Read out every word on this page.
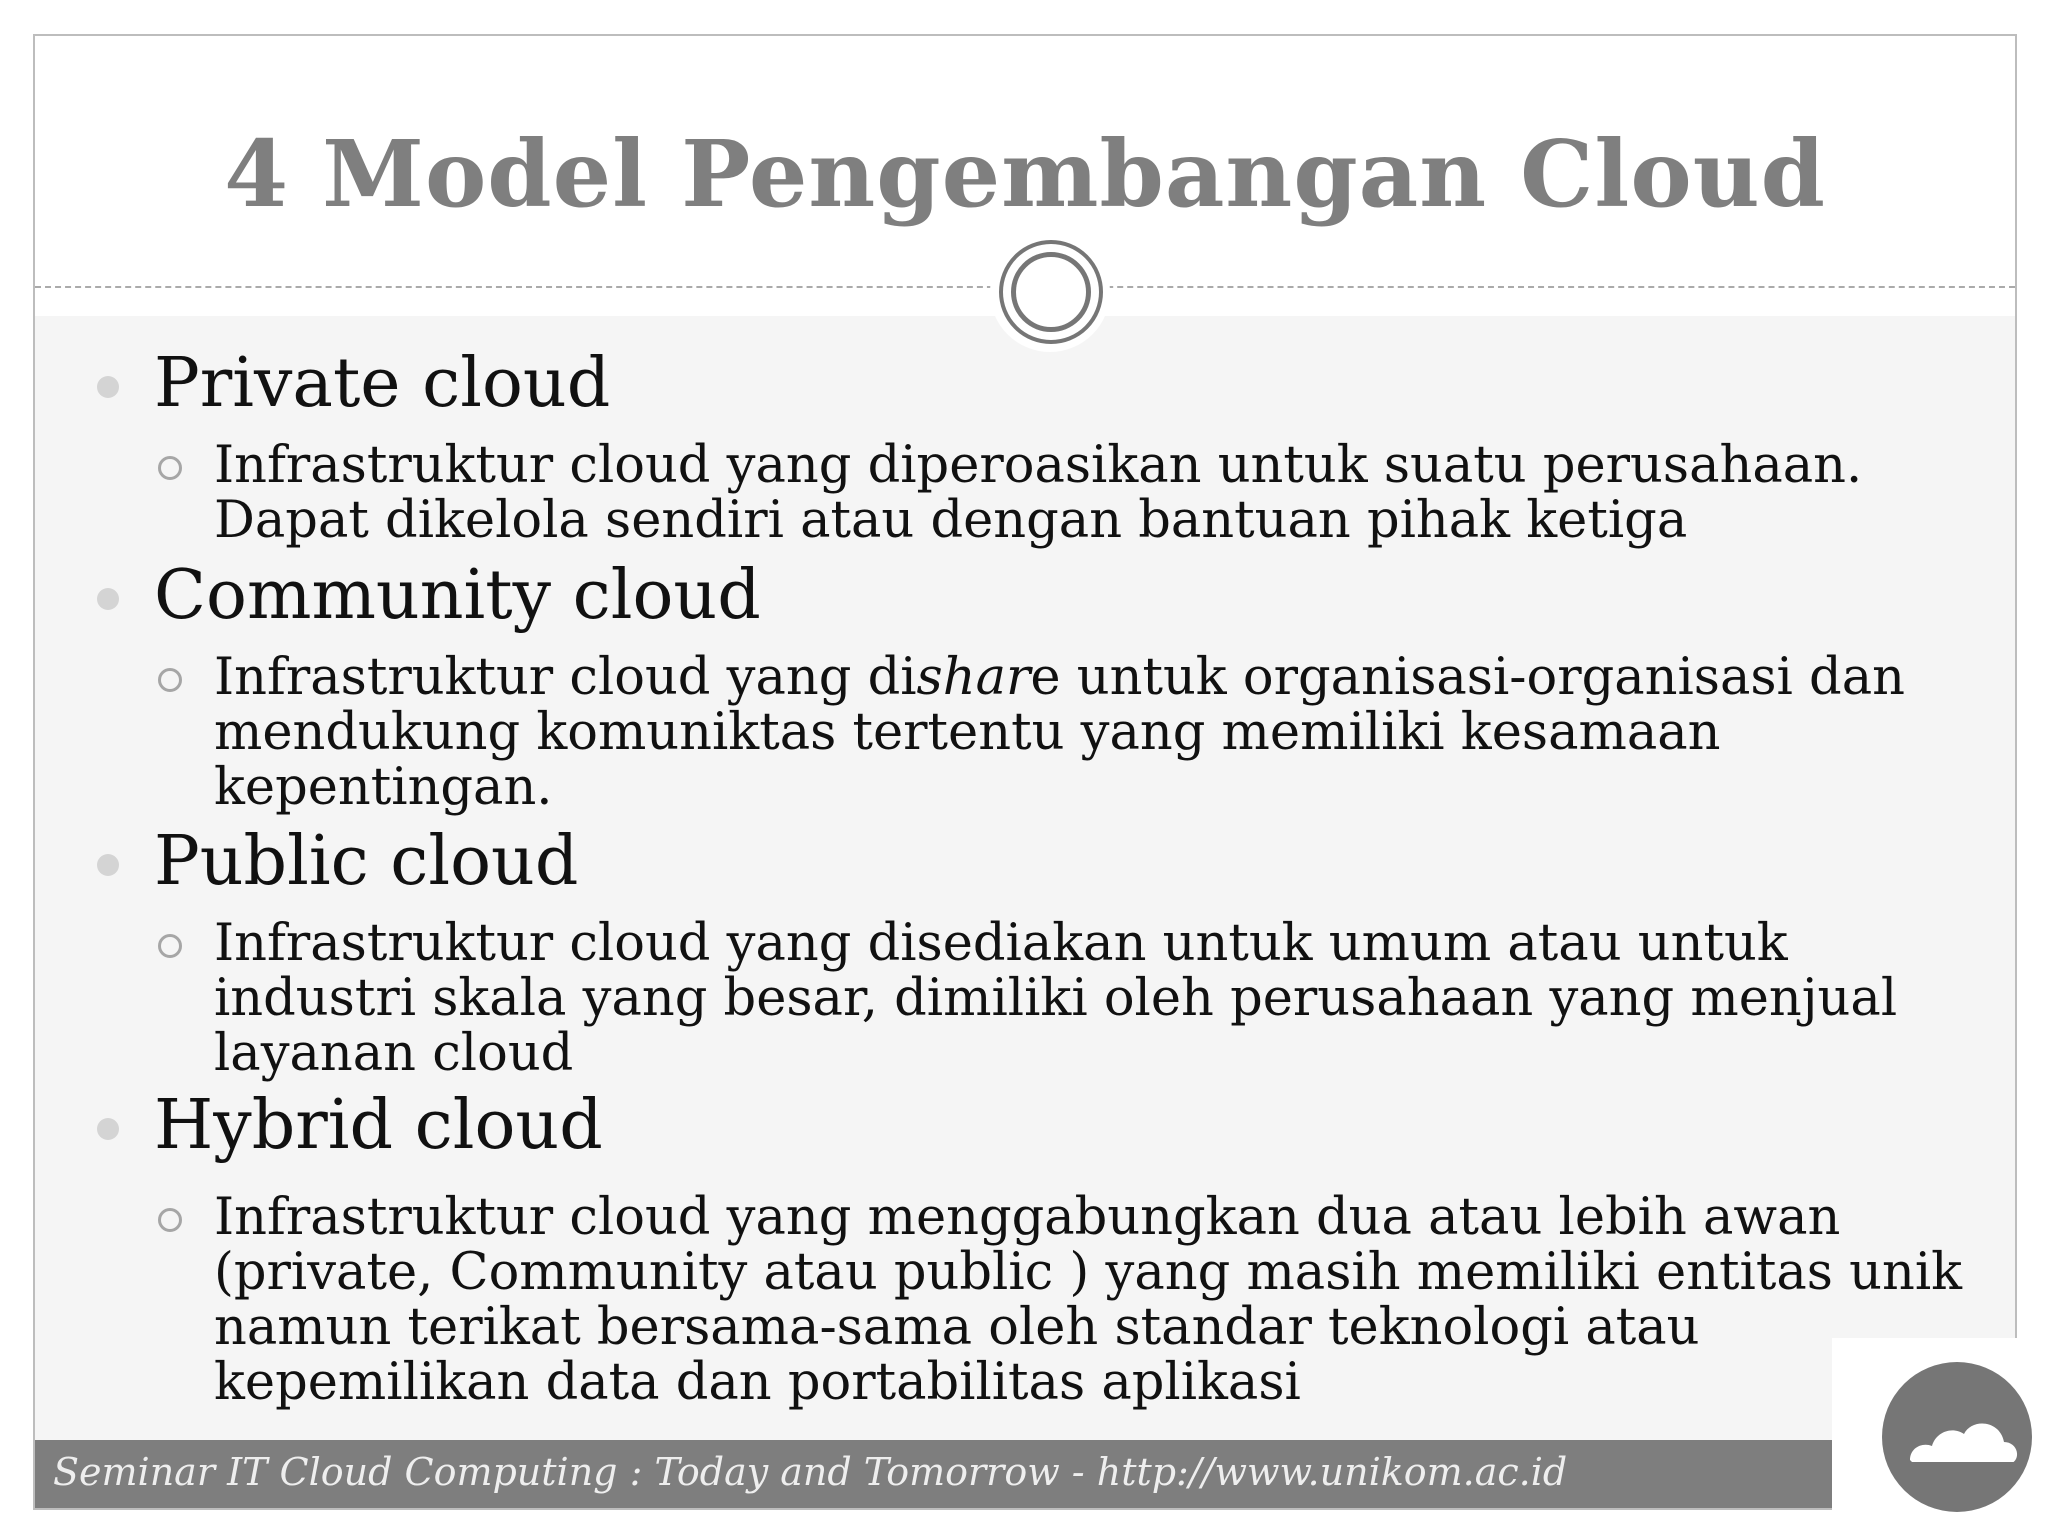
4 Model Pengembangan Cloud
Private cloud
Infrastruktur cloud yang diperoasikan untuk suatu perusahaan.
Dapat dikelola sendiri atau dengan bantuan pihak ketiga
Community cloud
Infrastruktur cloud yang dishare untuk organisasi-organisasi dan
mendukung komuniktas tertentu yang memiliki kesamaan
kepentingan.
Public cloud
Infrastruktur cloud yang disediakan untuk umum atau untuk
industri skala yang besar, dimiliki oleh perusahaan yang menjual
layanan cloud
Hybrid cloud
Infrastruktur cloud yang menggabungkan dua atau lebih awan
(private, Community atau public ) yang masih memiliki entitas unik
namun terikat bersama-sama oleh standar teknologi atau
kepemilikan data dan portabilitas aplikasi
Seminar IT Cloud Computing : Today and Tomorrow - http://www.unikom.ac.id
